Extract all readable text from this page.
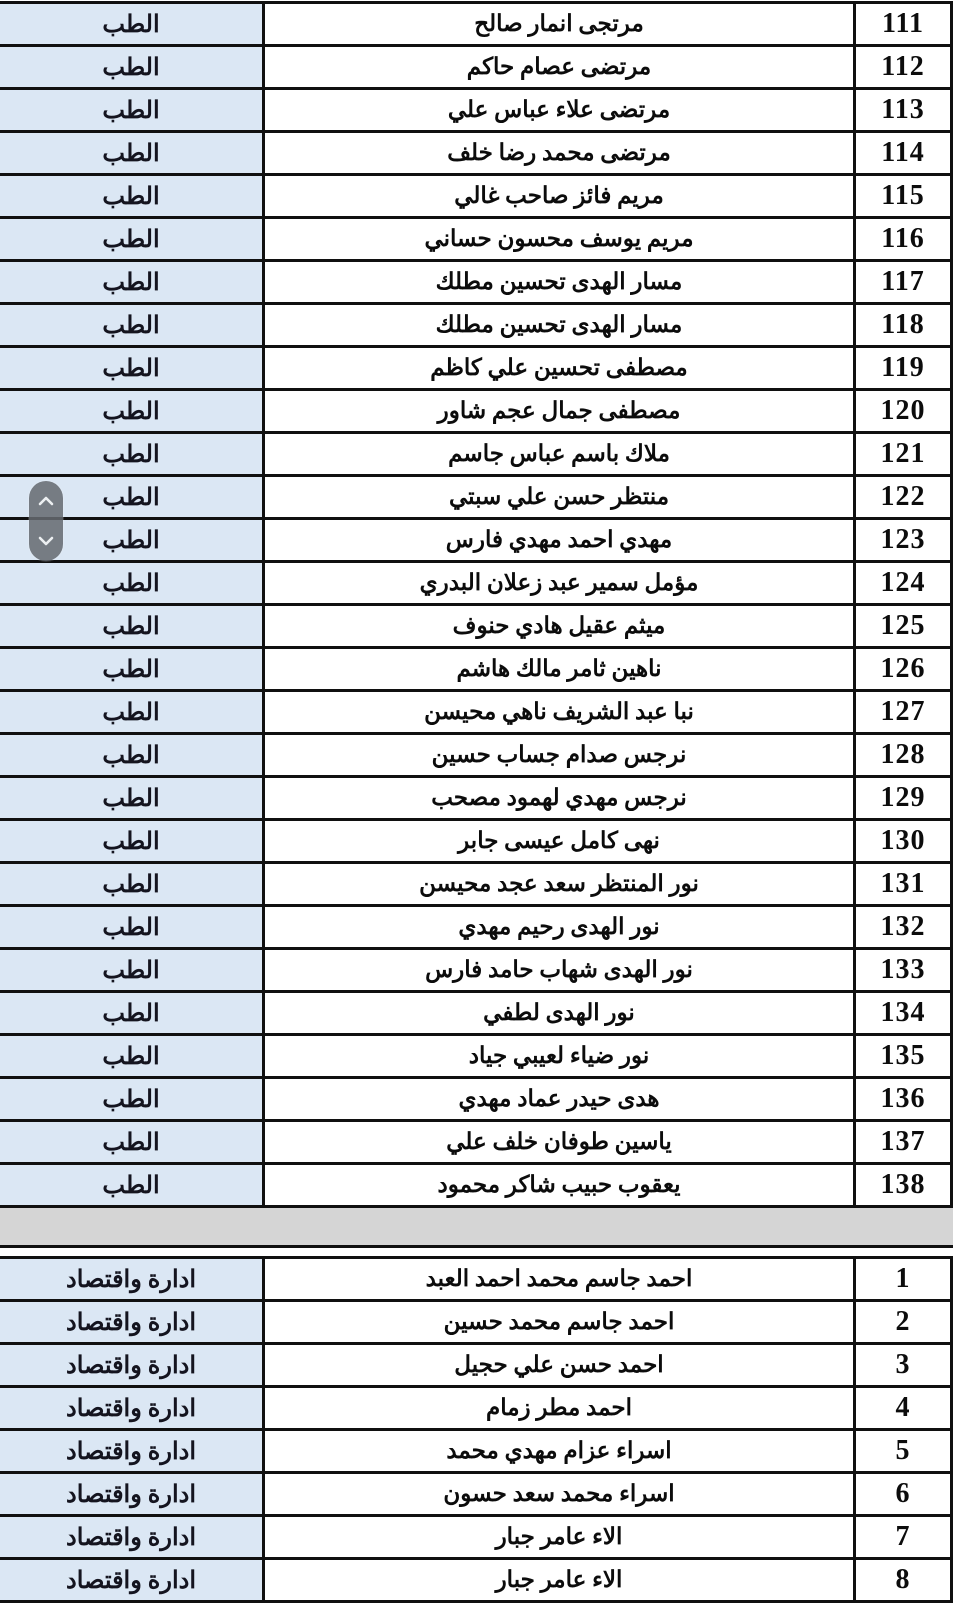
الطب	مرتجى انمار صالح	111
الطب	مرتضى عصام حاكم	112
الطب	مرتضى علاء عباس علي	113
الطب	مرتضى محمد رضا خلف	114
الطب	مريم فائز صاحب غالي	115
الطب	مريم يوسف محسون حساني	116
الطب	مسار الهدى تحسين مطلك	117
الطب	مسار الهدى تحسين مطلك	118
الطب	مصطفى تحسين علي كاظم	119
الطب	مصطفى جمال عجم شاور	120
الطب	ملاك باسم عباس جاسم	121
الطب	منتظر حسن علي سبتي	122
الطب	مهدي احمد مهدي فارس	123
الطب	مؤمل سمير عبد زعلان البدري	124
الطب	ميثم عقيل هادي حنوف	125
الطب	ناهين ثامر مالك هاشم	126
الطب	نبا عبد الشريف ناهي محيسن	127
الطب	نرجس صدام جساب حسين	128
الطب	نرجس مهدي لهمود مصحب	129
الطب	نهى كامل عيسى جابر	130
الطب	نور المنتظر سعد عجد محيسن	131
الطب	نور الهدى رحيم مهدي	132
الطب	نور الهدى شهاب حامد فارس	133
الطب	نور الهدى لطفي	134
الطب	نور ضياء لعيبي جياد	135
الطب	هدى حيدر عماد مهدي	136
الطب	ياسين طوفان خلف علي	137
الطب	يعقوب حبيب شاكر محمود	138
ادارة واقتصاد	احمد جاسم محمد احمد العبد	1
ادارة واقتصاد	احمد جاسم محمد حسين	2
ادارة واقتصاد	احمد حسن علي حجيل	3
ادارة واقتصاد	احمد مطر زمام	4
ادارة واقتصاد	اسراء عزام مهدي محمد	5
ادارة واقتصاد	اسراء محمد سعد حسون	6
ادارة واقتصاد	الاء عامر جبار	7
ادارة واقتصاد	الاء عامر جبار	8
